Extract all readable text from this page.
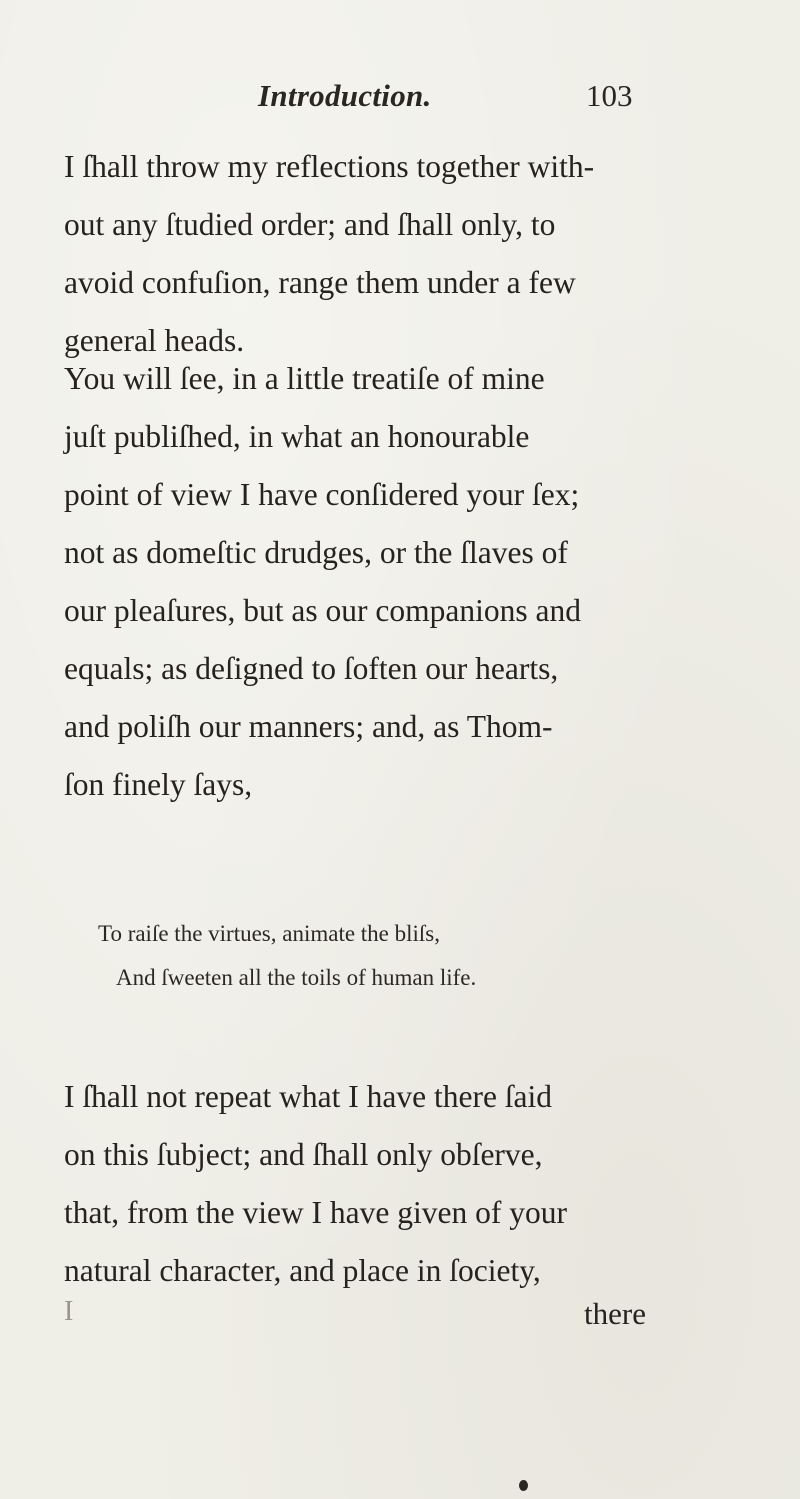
Introduction.	103
I ſhall throw my reflections together with-
out any ſtudied order; and ſhall only, to
avoid confuſion, range them under a few
general heads.
You will ſee, in a little treatiſe of mine
juſt publiſhed, in what an honourable
point of view I have conſidered your ſex;
not as domeſtic drudges, or the ſlaves of
our pleaſures, but as our companions and
equals; as deſigned to ſoften our hearts,
and poliſh our manners; and, as Thom-
ſon finely ſays,
To raiſe the virtues, animate the bliſs,
And ſweeten all the toils of human life.
I ſhall not repeat what I have there ſaid
on this ſubject; and ſhall only obſerve,
that, from the view I have given of your
natural character, and place in ſociety,
I	there
